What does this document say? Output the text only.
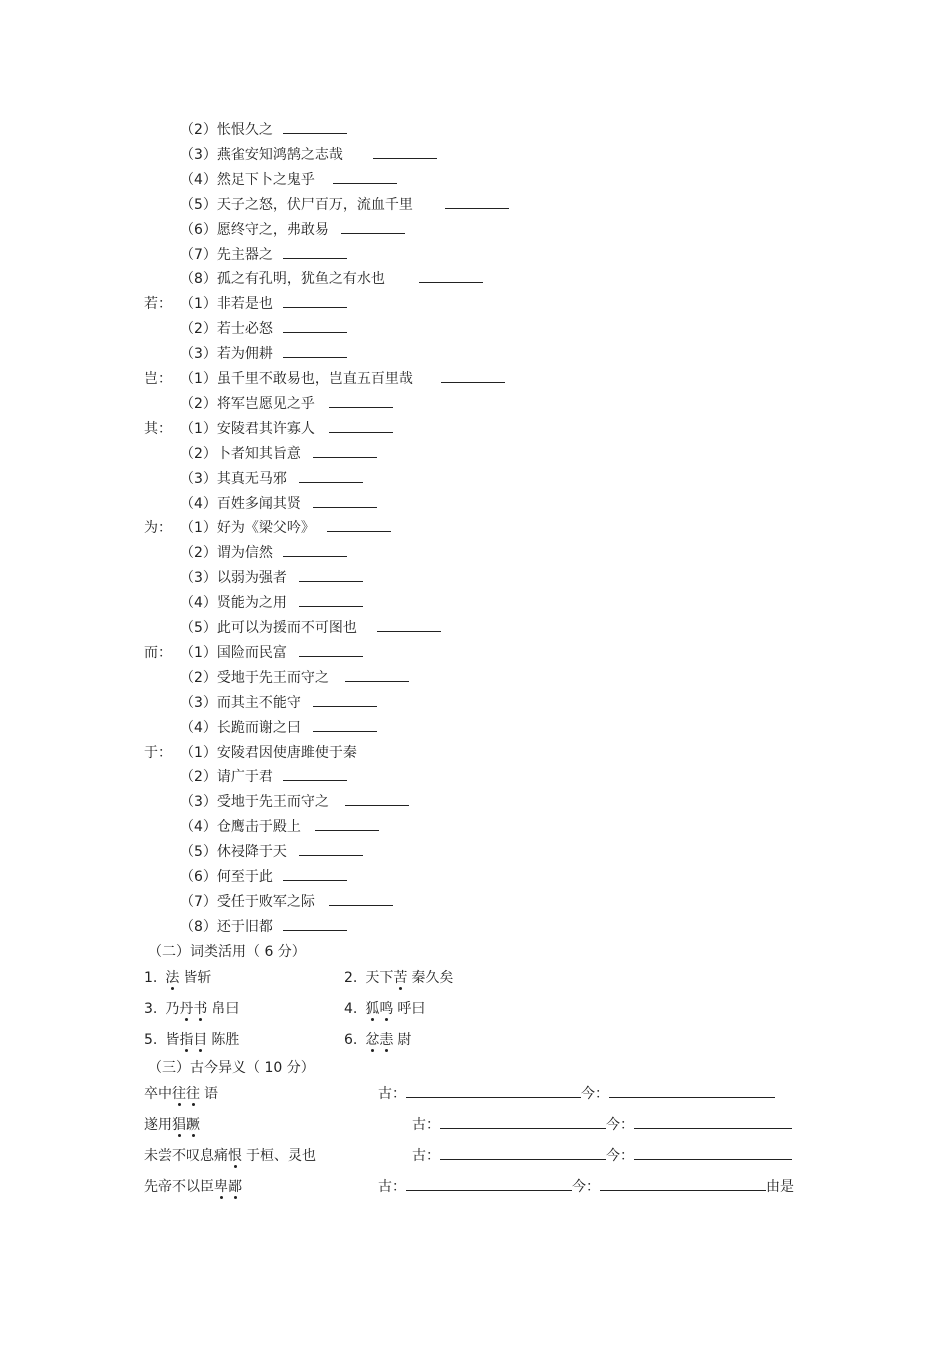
（2）怅恨久之
（3）燕雀安知鸿鹄之志哉
（4）然足下卜之鬼乎
（5）天子之怒，伏尸百万，流血千里
（6）愿终守之，弗敢易
（7）先主器之
（8）孤之有孔明，犹鱼之有水也
若： （1）非若是也
（2）若士必怒
（3）若为佣耕
岂： （1）虽千里不敢易也，岂直五百里哉
（2）将军岂愿见之乎
其： （1）安陵君其许寡人
（2）卜者知其旨意
（3）其真无马邪
（4）百姓多闻其贤
为： （1）好为《梁父吟》
（2）谓为信然
（3）以弱为强者
（4）贤能为之用
（5）此可以为援而不可图也
而： （1）国险而民富
（2）受地于先王而守之
（3）而其主不能守
（4）长跪而谢之曰
于： （1）安陵君因使唐雎使于秦
（2）请广于君
（3）受地于先王而守之
（4）仓鹰击于殿上
（5）休祲降于天
（6）何至于此
（7）受任于败军之际
（8）还于旧都
（二）词类活用（ 6 分）
1. 法 皆斩	2. 天下苦 秦久矣
3. 乃丹书 帛曰	4. 狐鸣 呼曰
5. 皆指目 陈胜	6. 忿恚 尉
（三）古今异义（ 10 分）
卒中往往 语	古：	今：
遂用猖蹶	古：	今：
未尝不叹息痛恨 于桓、灵也	古：	今：
先帝不以臣卑鄙	古：	今：	由是
